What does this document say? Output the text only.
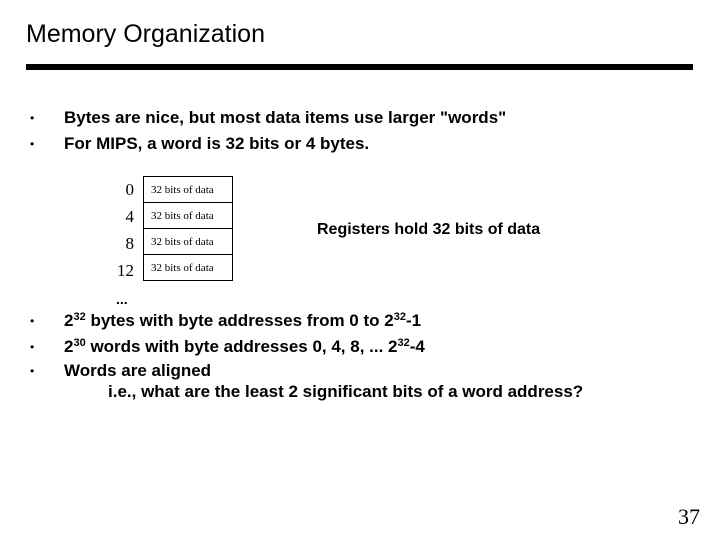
Memory Organization
• Bytes are nice, but most data items use larger "words"
• For MIPS, a word is 32 bits or 4 bytes.
0
4
8
12
32 bits of data
32 bits of data
32 bits of data
32 bits of data
...
Registers hold 32 bits of data
• $2^{32}$ bytes with byte addresses from 0 to $2^{32}-1$
• $2^{30}$ words with byte addresses 0, 4, 8, ... $2^{32}-4$
• Words are aligned
i.e., what are the least 2 significant bits of a word address?
37
